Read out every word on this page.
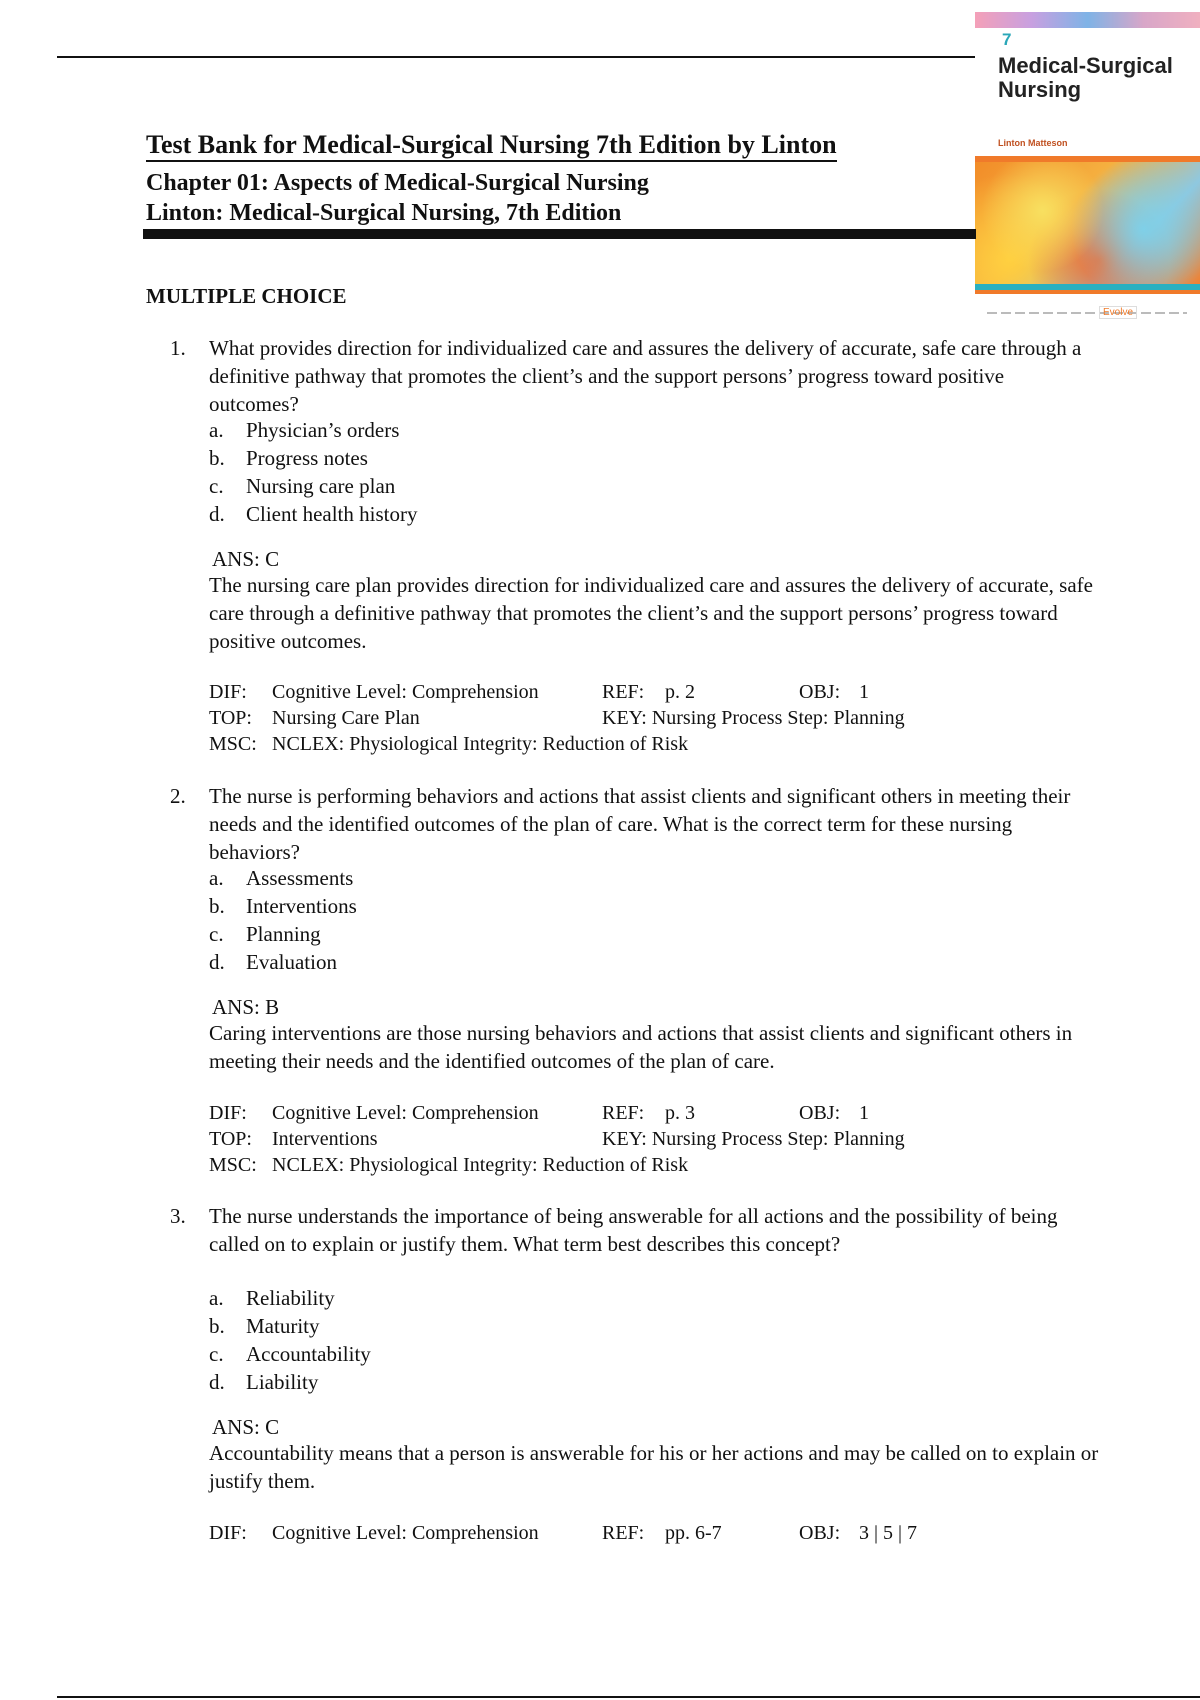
7
Medical-Surgical
Nursing
Linton Matteson
Evolve
Test Bank for Medical-Surgical Nursing 7th Edition by Linton
Chapter 01: Aspects of Medical-Surgical Nursing
Linton: Medical-Surgical Nursing, 7th Edition
MULTIPLE CHOICE
1. What provides direction for individualized care and assures the delivery of accurate, safe care through a definitive pathway that promotes the client’s and the support persons’ progress toward positive outcomes?
a. Physician’s orders
b. Progress notes
c. Nursing care plan
d. Client health history
ANS: C
The nursing care plan provides direction for individualized care and assures the delivery of accurate, safe care through a definitive pathway that promotes the client’s and the support persons’ progress toward positive outcomes.
DIF: Cognitive Level: Comprehension	REF: p. 2	OBJ: 1
TOP: Nursing Care Plan	KEY: Nursing Process Step: Planning
MSC: NCLEX: Physiological Integrity: Reduction of Risk
2. The nurse is performing behaviors and actions that assist clients and significant others in meeting their needs and the identified outcomes of the plan of care. What is the correct term for these nursing behaviors?
a. Assessments
b. Interventions
c. Planning
d. Evaluation
ANS: B
Caring interventions are those nursing behaviors and actions that assist clients and significant others in meeting their needs and the identified outcomes of the plan of care.
DIF: Cognitive Level: Comprehension	REF: p. 3	OBJ: 1
TOP: Interventions	KEY: Nursing Process Step: Planning
MSC: NCLEX: Physiological Integrity: Reduction of Risk
3. The nurse understands the importance of being answerable for all actions and the possibility of being called on to explain or justify them. What term best describes this concept?
a. Reliability
b. Maturity
c. Accountability
d. Liability
ANS: C
Accountability means that a person is answerable for his or her actions and may be called on to explain or justify them.
DIF: Cognitive Level: Comprehension	REF: pp. 6-7	OBJ: 3 | 5 | 7
